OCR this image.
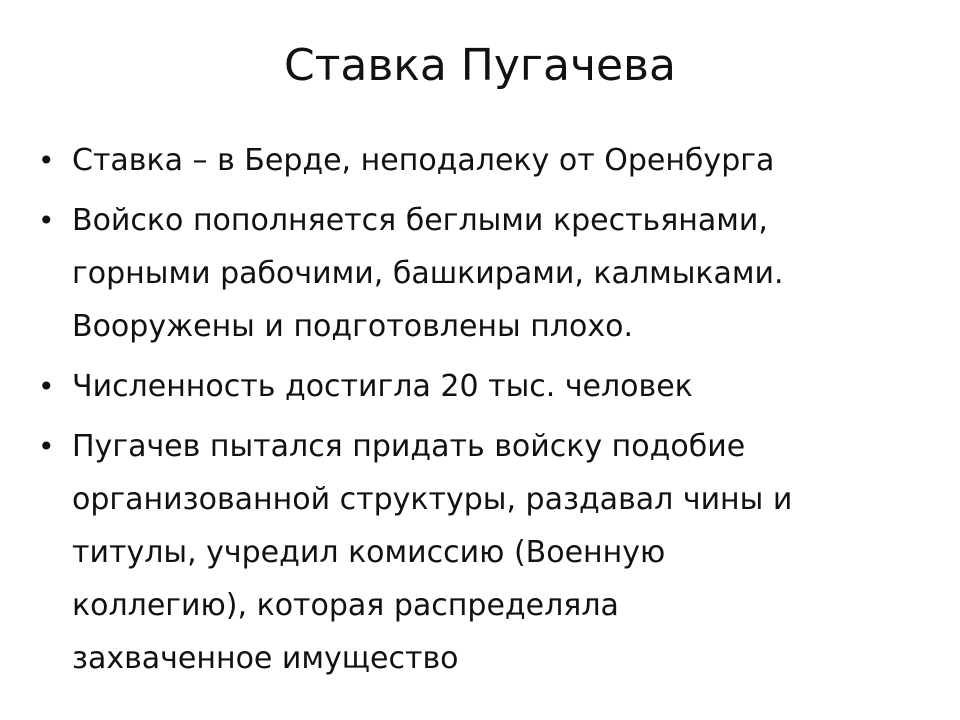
Ставка Пугачева
• Ставка – в Берде, неподалеку от Оренбурга
• Войско пополняется беглыми крестьянами,
горными рабочими, башкирами, калмыками.
Вооружены и подготовлены плохо.
• Численность достигла 20 тыс. человек
• Пугачев пытался придать войску подобие
организованной структуры, раздавал чины и
титулы, учредил комиссию (Военную
коллегию), которая распределяла
захваченное имущество
